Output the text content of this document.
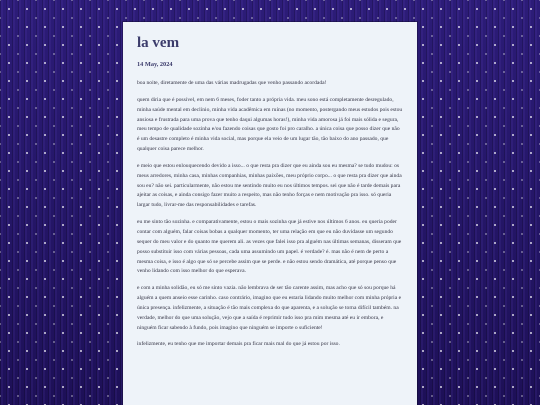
la vem
14 May, 2024

boa noite, diretamente de uma das várias madrugadas que venho passando acordada!

quem diria que é possível, em nem 6 meses, foder tanto a própria vida. meu sono está completamente desregulado, minha saúde mental em declínio, minha vida acadêmica em ruínas (no momento, postergando meus estudos pois estou ansiosa e frustrada para uma prova que tenho daqui algumas horas!), minha vida amorosa já foi mais sólida e segura, meu tempo de qualidade sozinha e/ou fazendo coisas que gosto foi pro caralho. a única coisa que posso dizer que não é um desastre completo é minha vida social, mas porque ela veio de um lugar tão, tão baixo do ano passado, que qualquer coisa parece melhor.

e meio que estou enlouquecendo devido a isso... o que resta pra dizer que eu ainda sou eu mesma? se tudo mudou: os meus arredores, minha casa, minhas companhias, minhas paixões, meu próprio corpo... o que resta pra dizer que ainda sou eu? não sei. particularmente, não estou me sentindo muito eu nos últimos tempos. sei que não é tarde demais para ajeitar as coisas, e ainda consigo fazer muito a respeito, mas não tenho forças e nem motivação pra isso. só queria largar tudo, livrar-me das responsabilidades e tarefas.

eu me sinto tão sozinha. e comparativamente, estou o mais sozinha que já estive nos últimos 6 anos. eu queria poder contar com alguém, falar coisas bobas a qualquer momento, ter uma relação em que eu não duvidasse um segundo sequer do meu valor e do quanto me querem ali. as vezes que falei isso pra alguém nas últimas semanas, disseram que posso substituir isso com várias pessoas, cada uma assumindo um papel. é verdade? é. mas não é nem de perto a mesma coisa, e isso é algo que só se percebe assim que se perde. e não estou sendo dramática, até porque penso que venho lidando com isso melhor do que esperava.

e com a minha solidão, eu só me sinto vazia. não lembrava de ser tão carente assim, mas acho que só sou porque há alguém a quem anseio esse carinho. caso contrário, imagino que eu estaria lidando muito melhor com minha própria e única presença. infelizmente, a situação é tão mais complexa do que aparenta, e a solução se torna difícil também. na verdade, melhor do que uma solução, vejo que a saída é reprimir tudo isso pra mim mesma até eu ir embora, e ninguém ficar sabendo à fundo, pois imagino que ninguém se importe o suficiente!

infelizmente, eu tenho que me importar demais pra ficar mais mal do que já estou por isso.
